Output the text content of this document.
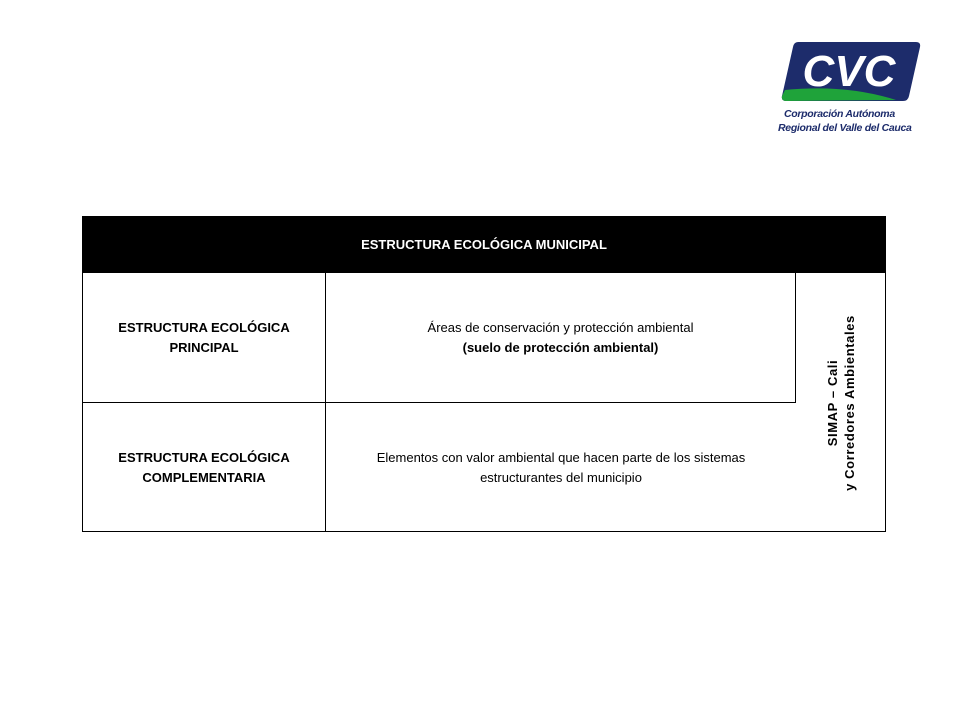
CVC
Corporación Autónoma
Regional del Valle del Cauca
ESTRUCTURA ECOLÓGICA MUNICIPAL
ESTRUCTURA ECOLÓGICA
PRINCIPAL
Áreas de conservación y protección ambiental
(suelo de protección ambiental)
ESTRUCTURA ECOLÓGICA
COMPLEMENTARIA
Elementos con valor ambiental que hacen parte de los sistemas
estructurantes del municipio
SIMAP – Cali y Corredores Ambientales
